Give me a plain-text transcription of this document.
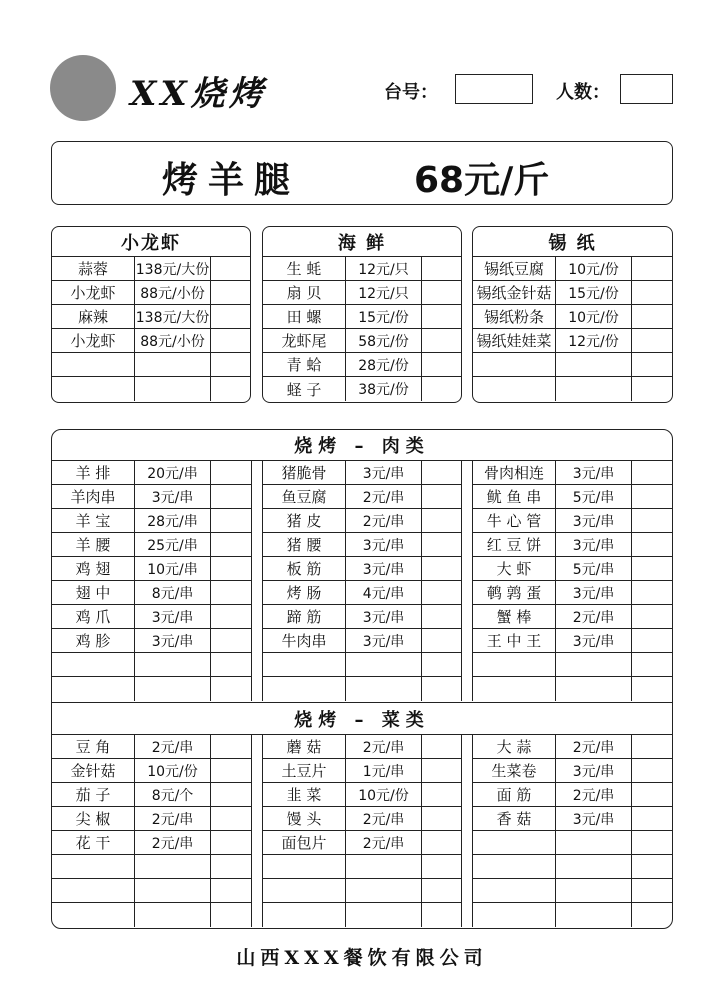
XX烧烤	台号：	人数：
烤羊腿	68元/斤
小龙虾
蒜蓉	138元/大份
小龙虾	88元/小份
麻辣	138元/大份
小龙虾	88元/小份
海 鲜
生 蚝	12元/只
扇 贝	12元/只
田 螺	15元/份
龙虾尾	58元/份
青 蛤	28元/份
蛏 子	38元/份
锡 纸
锡纸豆腐	10元/份
锡纸金针菇	15元/份
锡纸粉条	10元/份
锡纸娃娃菜	12元/份
烧烤 – 肉类
羊 排	20元/串
羊肉串	3元/串
羊 宝	28元/串
羊 腰	25元/串
鸡 翅	10元/串
翅 中	8元/串
鸡 爪	3元/串
鸡 胗	3元/串
猪脆骨	3元/串
鱼豆腐	2元/串
猪 皮	2元/串
猪 腰	3元/串
板 筋	3元/串
烤 肠	4元/串
蹄 筋	3元/串
牛肉串	3元/串
骨肉相连	3元/串
鱿 鱼 串	5元/串
牛 心 管	3元/串
红 豆 饼	3元/串
大 虾	5元/串
鹌 鹑 蛋	3元/串
蟹 棒	2元/串
王 中 王	3元/串
烧烤 – 菜类
豆 角	2元/串
金针菇	10元/份
茄 子	8元/个
尖 椒	2元/串
花 干	2元/串
蘑 菇	2元/串
土豆片	1元/串
韭 菜	10元/份
馒 头	2元/串
面包片	2元/串
大 蒜	2元/串
生菜卷	3元/串
面 筋	2元/串
香 菇	3元/串
山西XXX餐饮有限公司
